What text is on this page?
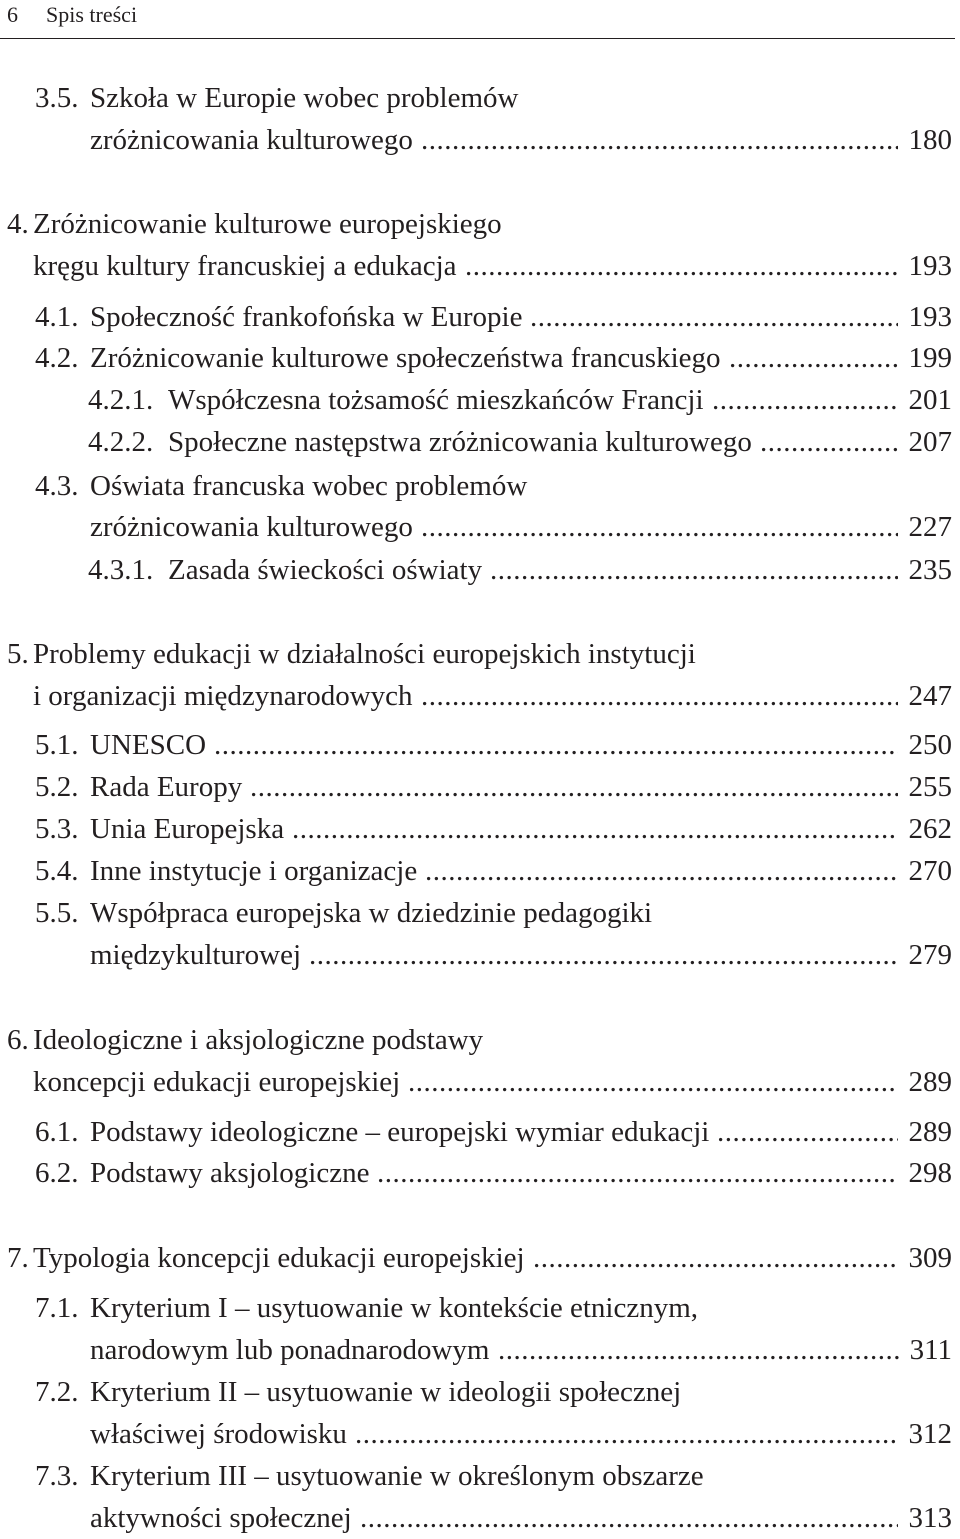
6 Spis treści
3.5. Szkoła w Europie wobec problemów
zróżnicowania kulturowego	180
.....
4. Zróżnicowanie kulturowe europejskiego
kręgu kultury francuskiej a edukacja	193
.....
4.1. Społeczność frankofońska w Europie	193
.....
4.2. Zróżnicowanie kulturowe społeczeństwa francuskiego	199
.....
4.2.1. Współczesna tożsamość mieszkańców Francji	201
.....
4.2.2. Społeczne następstwa zróżnicowania kulturowego	207
.....
4.3. Oświata francuska wobec problemów
zróżnicowania kulturowego	227
.....
4.3.1. Zasada świeckości oświaty	235
.....
5. Problemy edukacji w działalności europejskich instytucji
i organizacji międzynarodowych	247
.....
5.1. UNESCO	250
.....
5.2. Rada Europy	255
.....
5.3. Unia Europejska	262
.....
5.4. Inne instytucje i organizacje	270
.....
5.5. Współpraca europejska w dziedzinie pedagogiki
międzykulturowej	279
.....
6. Ideologiczne i aksjologiczne podstawy
koncepcji edukacji europejskiej	289
.....
6.1. Podstawy ideologiczne – europejski wymiar edukacji	289
.....
6.2. Podstawy aksjologiczne	298
.....
7. Typologia koncepcji edukacji europejskiej	309
.....
7.1. Kryterium I – usytuowanie w kontekście etnicznym,
narodowym lub ponadnarodowym	311
.....
7.2. Kryterium II – usytuowanie w ideologii społecznej
właściwej środowisku	312
.....
7.3. Kryterium III – usytuowanie w określonym obszarze
aktywności społecznej	313
.....
